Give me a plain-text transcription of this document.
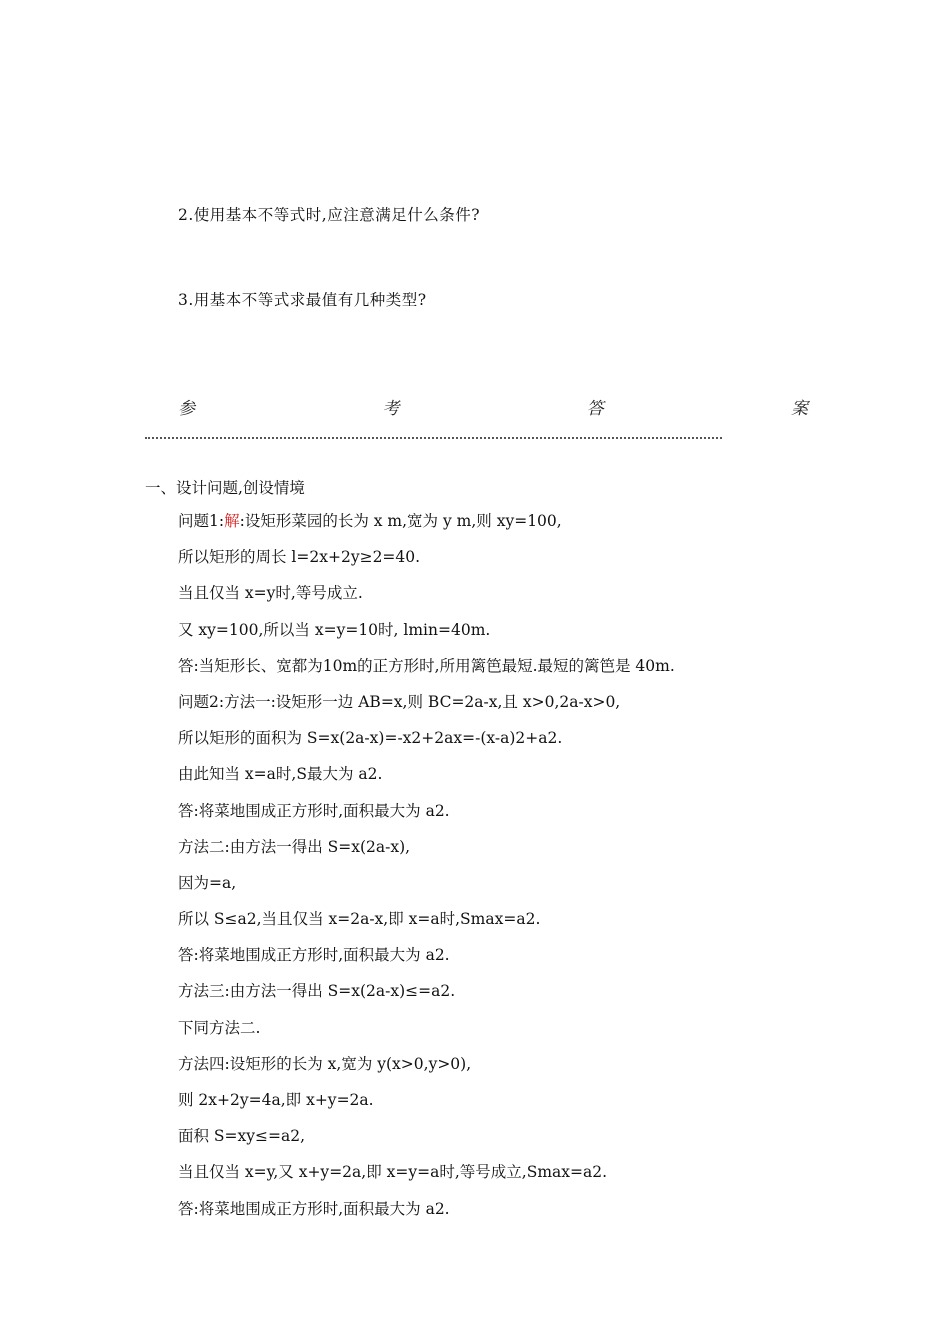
2.使用基本不等式时,应注意满足什么条件?
3.用基本不等式求最值有几种类型?
参	考	答	案
一、设计问题,创设情境
问题1:解:设矩形菜园的长为 x m,宽为 y m,则 xy=100,
所以矩形的周长 l=2x+2y≥2=40.
当且仅当 x=y时,等号成立.
又 xy=100,所以当 x=y=10时, lmin=40m.
答:当矩形长、宽都为10m的正方形时,所用篱笆最短.最短的篱笆是 40m.
问题2:方法一:设矩形一边 AB=x,则 BC=2a-x,且 x>0,2a-x>0,
所以矩形的面积为 S=x(2a-x)=-x2+2ax=-(x-a)2+a2.
由此知当 x=a时,S最大为 a2.
答:将菜地围成正方形时,面积最大为 a2.
方法二:由方法一得出 S=x(2a-x),
因为=a,
所以 S≤a2,当且仅当 x=2a-x,即 x=a时,Smax=a2.
答:将菜地围成正方形时,面积最大为 a2.
方法三:由方法一得出 S=x(2a-x)≤=a2.
下同方法二.
方法四:设矩形的长为 x,宽为 y(x>0,y>0),
则 2x+2y=4a,即 x+y=2a.
面积 S=xy≤=a2,
当且仅当 x=y,又 x+y=2a,即 x=y=a时,等号成立,Smax=a2.
答:将菜地围成正方形时,面积最大为 a2.
